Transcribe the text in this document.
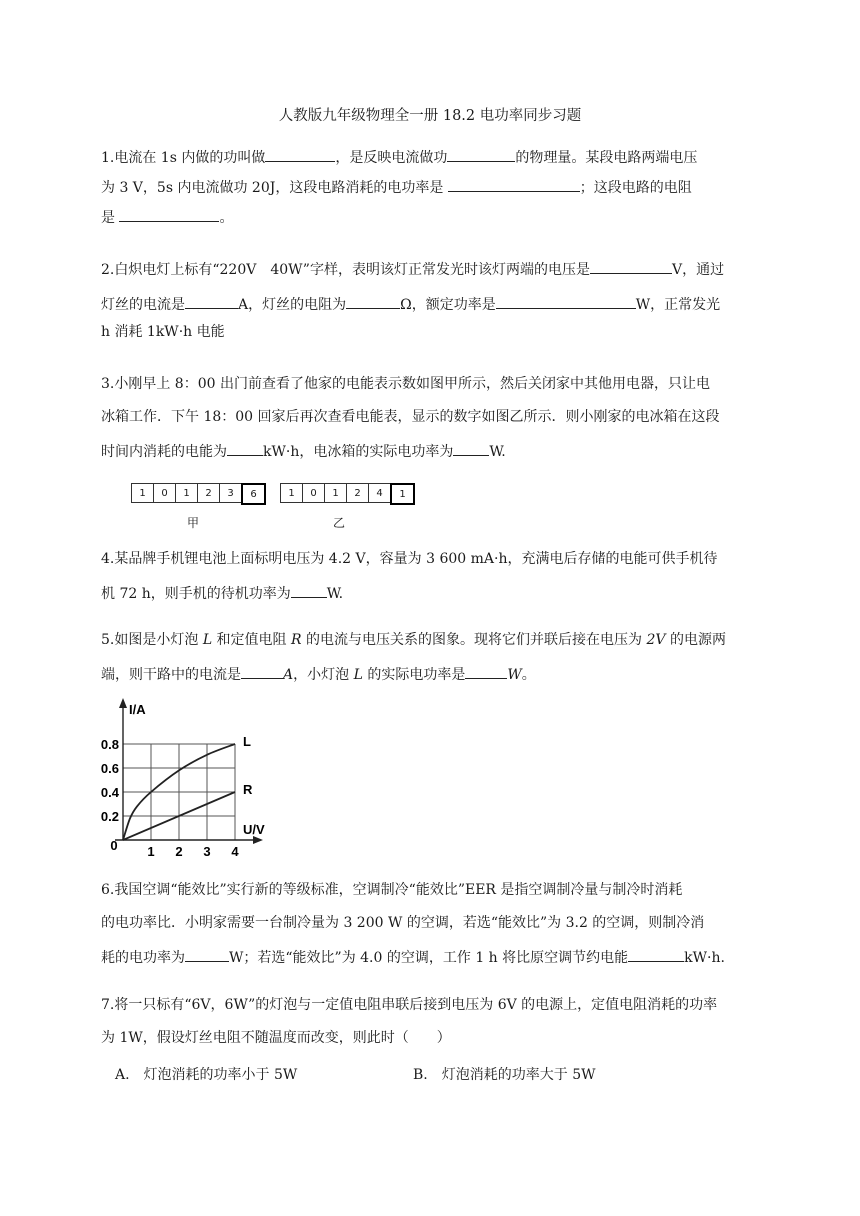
人教版九年级物理全一册 18.2 电功率同步习题
1.电流在 1s 内做的功叫做	，是反映电流做功	的物理量。某段电路两端电压
为 3 V，5s 内电流做功 20J，这段电路消耗的电功率是	；这段电路的电阻
是	。
2.白炽电灯上标有“220V　40W”字样，表明该灯正常发光时该灯两端的电压是	V，通过
灯丝的电流是	A，灯丝的电阻为	Ω，额定功率是	W，正常发光
h 消耗 1kW·h 电能
3.小刚早上 8：00 出门前查看了他家的电能表示数如图甲所示，然后关闭家中其他用电器，只让电
冰箱工作．下午 18：00 回家后再次查看电能表，显示的数字如图乙所示．则小刚家的电冰箱在这段
时间内消耗的电能为	kW·h，电冰箱的实际电功率为	W.
1	0	1	2	3	6	1	0	1	2	4	1
甲	乙
4.某品牌手机锂电池上面标明电压为 4.2 V，容量为 3 600 mA·h，充满电后存储的电能可供手机待
机 72 h，则手机的待机功率为	W.
5.如图是小灯泡 L 和定值电阻 R 的电流与电压关系的图象。现将它们并联后接在电压为 2V 的电源两
端，则干路中的电流是	A，小灯泡 L 的实际电功率是	W。
1 2 3 4
0.2
0.4
0.6
0.8
0
I/A
U/V
L
R
6.我国空调“能效比”实行新的等级标准，空调制冷“能效比”EER 是指空调制冷量与制冷时消耗
的电功率比．小明家需要一台制冷量为 3 200 W 的空调，若选“能效比”为 3.2 的空调，则制冷消
耗的电功率为	W；若选“能效比”为 4.0 的空调，工作 1 h 将比原空调节约电能	kW·h.
7.将一只标有“6V，6W”的灯泡与一定值电阻串联后接到电压为 6V 的电源上，定值电阻消耗的功率
为 1W，假设灯丝电阻不随温度而改变，则此时（　　）
A.　灯泡消耗的功率小于 5W	B.　灯泡消耗的功率大于 5W
